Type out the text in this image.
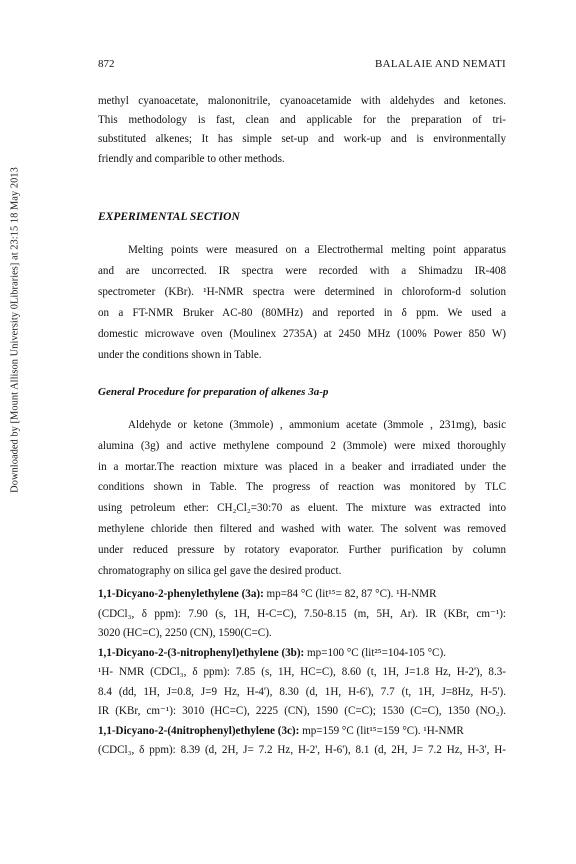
Downloaded by [Mount Allison University 0Libraries] at 23:15 18 May 2013
872	BALALAIE AND NEMATI
methyl cyanoacetate, malononitrile, cyanoacetamide with aldehydes and ketones.
This methodology is fast, clean and applicable for the preparation of tri-
substituted alkenes; It has simple set-up and work-up and is environmentally
friendly and comparible to other methods.
EXPERIMENTAL SECTION
Melting points were measured on a Electrothermal melting point apparatus
and are uncorrected. IR spectra were recorded with a Shimadzu IR-408
spectrometer (KBr). ¹H-NMR spectra were determined in chloroform-d solution
on a FT-NMR Bruker AC-80 (80MHz) and reported in δ ppm. We used a
domestic microwave oven (Moulinex 2735A) at 2450 MHz (100% Power 850 W)
under the conditions shown in Table.
General Procedure for preparation of alkenes 3a-p
Aldehyde or ketone (3mmole) , ammonium acetate (3mmole , 231mg), basic
alumina (3g) and active methylene compound 2 (3mmole) were mixed thoroughly
in a mortar.The reaction mixture was placed in a beaker and irradiated under the
conditions shown in Table. The progress of reaction was monitored by TLC
using petroleum ether: CH₂Cl₂=30:70 as eluent. The mixture was extracted into
methylene chloride then filtered and washed with water. The solvent was removed
under reduced pressure by rotatory evaporator. Further purification by column
chromatography on silica gel gave the desired product.
1,1-Dicyano-2-phenylethylene (3a): mp=84 °C (lit¹⁵= 82, 87 °C). ¹H-NMR
(CDCl₃, δ ppm): 7.90 (s, 1H, H-C=C), 7.50-8.15 (m, 5H, Ar). IR (KBr, cm⁻¹):
3020 (HC=C), 2250 (CN), 1590(C=C).
1,1-Dicyano-2-(3-nitrophenyl)ethylene (3b): mp=100 °C (lit²⁵=104-105 °C).
¹H- NMR (CDCl₃, δ ppm): 7.85 (s, 1H, HC=C), 8.60 (t, 1H, J=1.8 Hz, H-2'), 8.3-
8.4 (dd, 1H, J=0.8, J=9 Hz, H-4'), 8.30 (d, 1H, H-6'), 7.7 (t, 1H, J=8Hz, H-5').
IR (KBr, cm⁻¹): 3010 (HC=C), 2225 (CN), 1590 (C=C); 1530 (C=C), 1350 (NO₂).
1,1-Dicyano-2-(4nitrophenyl)ethylene (3c): mp=159 °C (lit¹⁵=159 °C). ¹H-NMR
(CDCl₃, δ ppm): 8.39 (d, 2H, J= 7.2 Hz, H-2', H-6'), 8.1 (d, 2H, J= 7.2 Hz, H-3', H-
